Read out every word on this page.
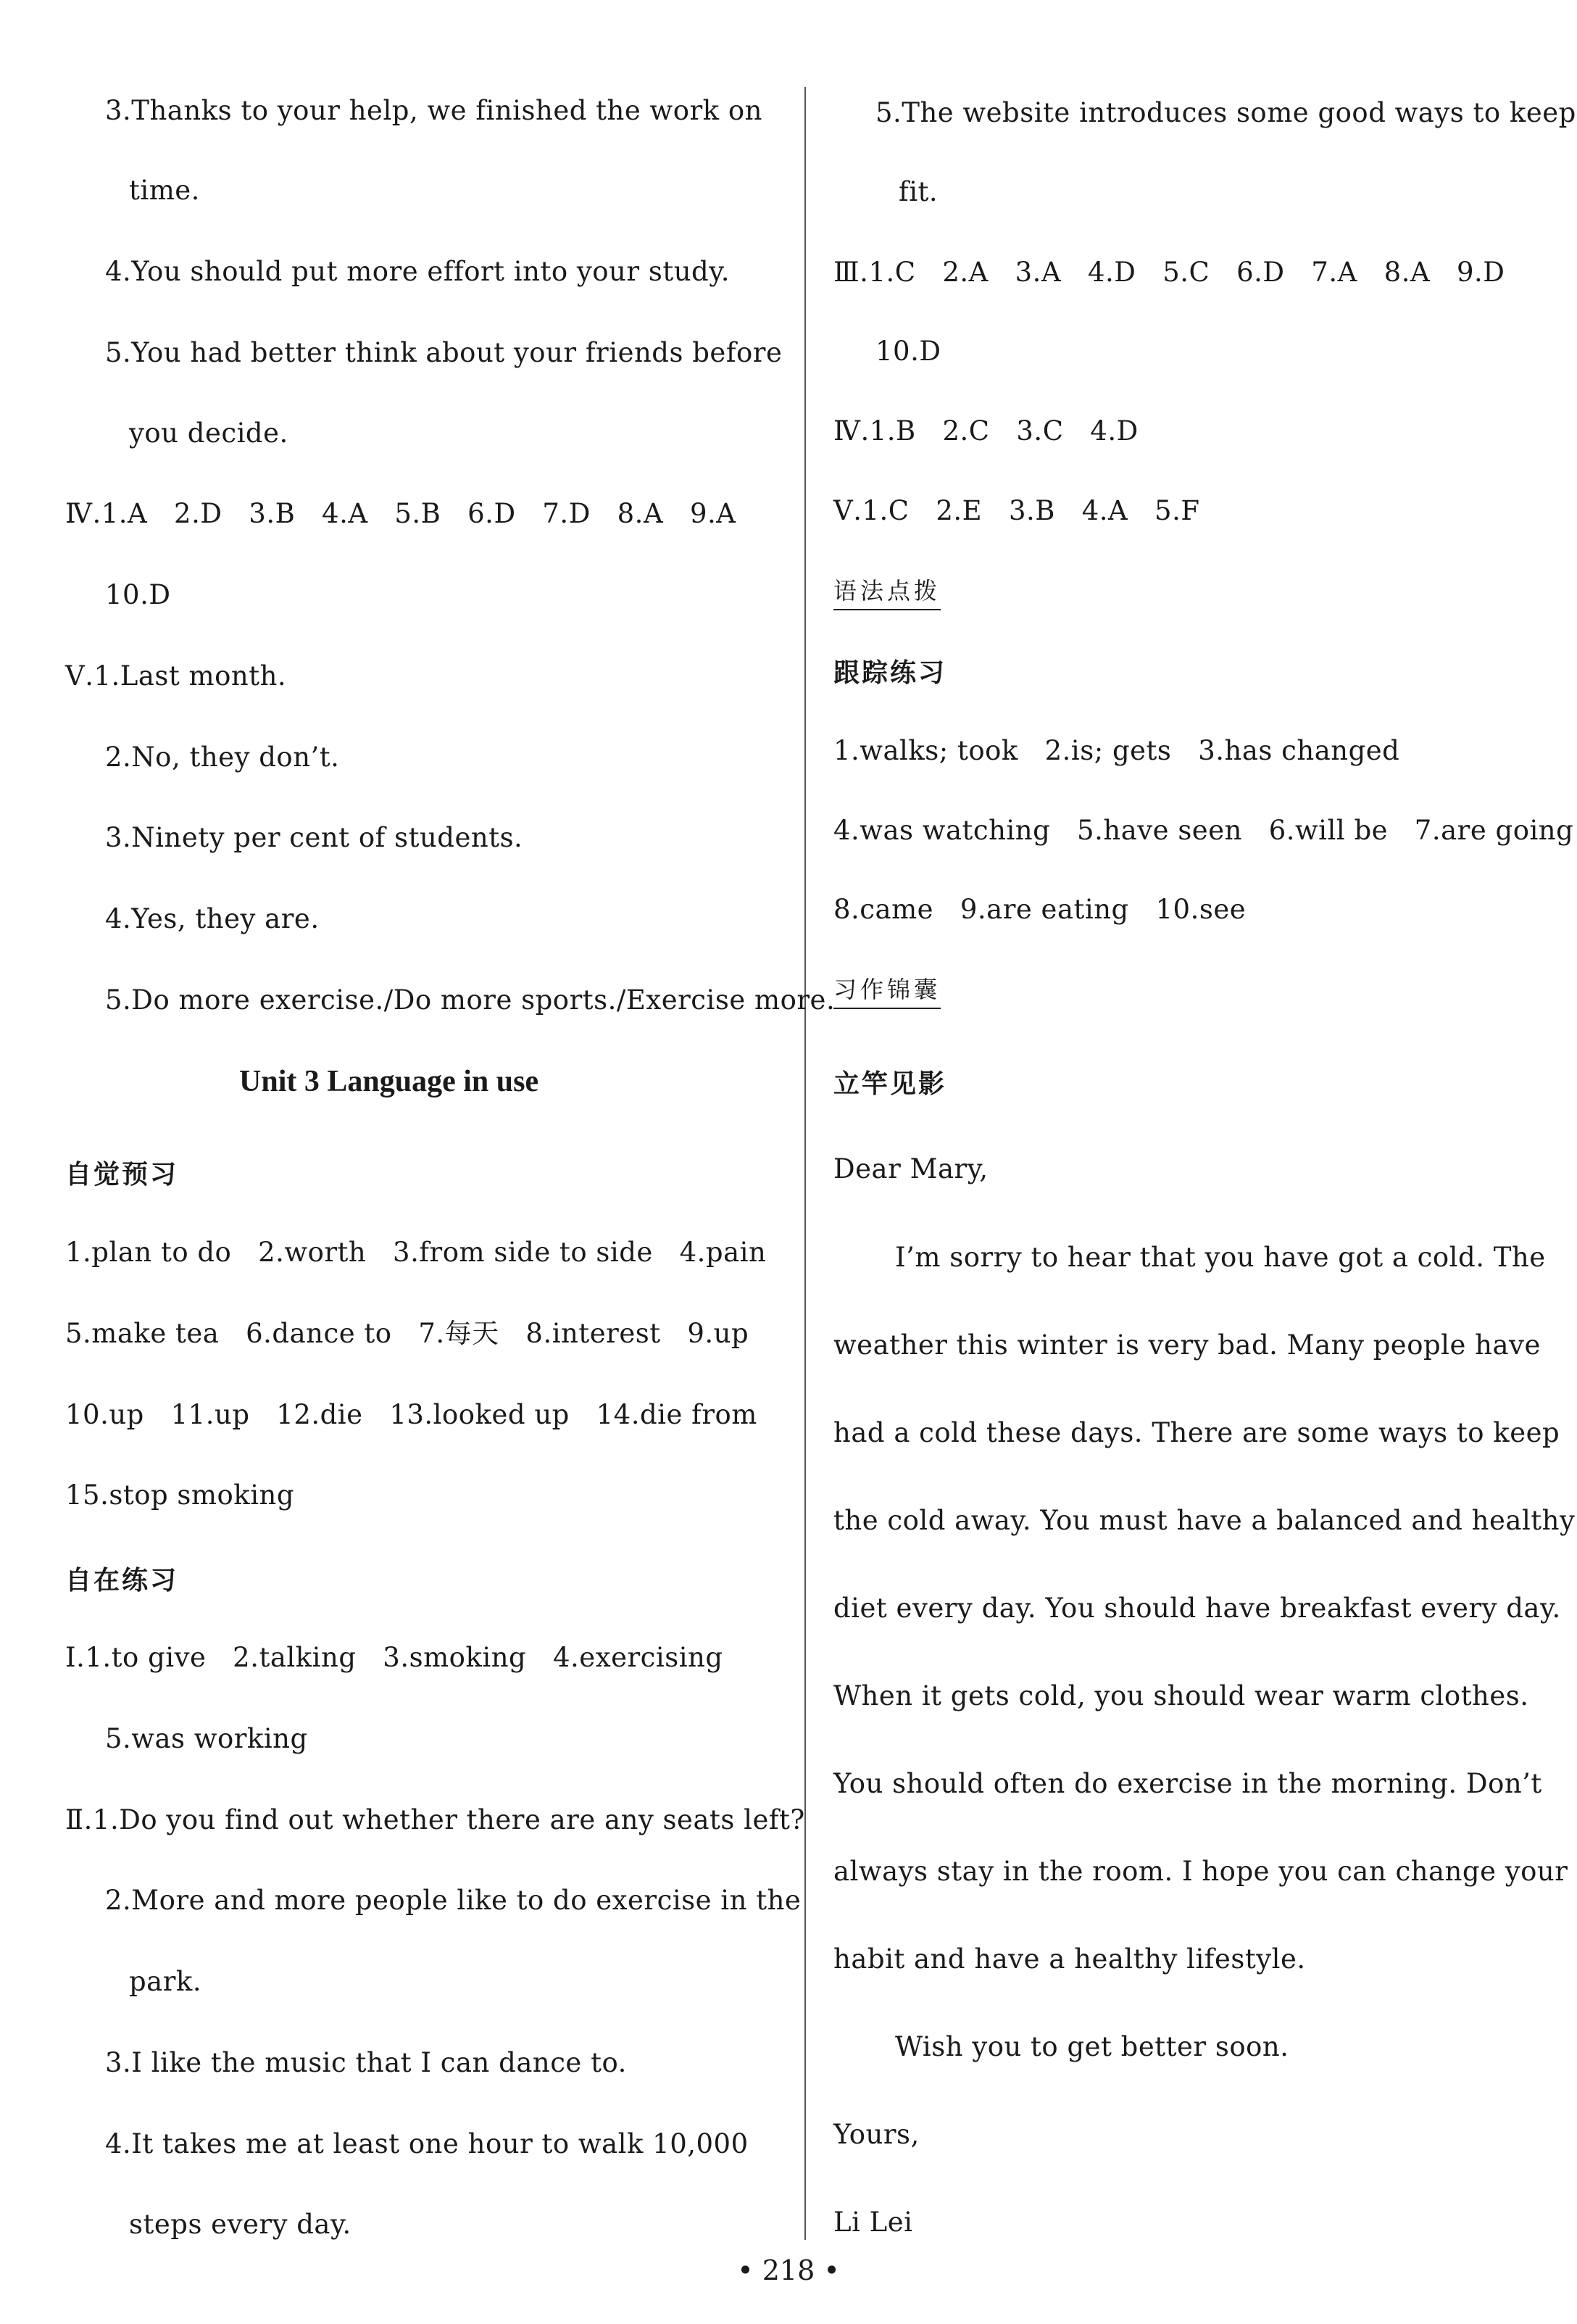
3.Thanks to your help, we finished the work on
time.
4.You should put more effort into your study.
5.You had better think about your friends before
you decide.
Ⅳ.1.A   2.D   3.B   4.A   5.B   6.D   7.D   8.A   9.A
10.D
Ⅴ.1.Last month.
2.No, they don’t.
3.Ninety per cent of students.
4.Yes, they are.
5.Do more exercise./Do more sports./Exercise more.
Unit 3 Language in use
自觉预习
1.plan to do   2.worth   3.from side to side   4.pain
5.make tea   6.dance to   7.每天   8.interest   9.up
10.up   11.up   12.die   13.looked up   14.die from
15.stop smoking
自在练习
Ⅰ.1.to give   2.talking   3.smoking   4.exercising
5.was working
Ⅱ.1.Do you find out whether there are any seats left?
2.More and more people like to do exercise in the
park.
3.I like the music that I can dance to.
4.It takes me at least one hour to walk 10,000
steps every day.
5.The website introduces some good ways to keep
fit.
Ⅲ.1.C   2.A   3.A   4.D   5.C   6.D   7.A   8.A   9.D
10.D
Ⅳ.1.B   2.C   3.C   4.D
Ⅴ.1.C   2.E   3.B   4.A   5.F
语法点拨
跟踪练习
1.walks; took   2.is; gets   3.has changed
4.was watching   5.have seen   6.will be   7.are going
8.came   9.are eating   10.see
习作锦囊
立竿见影
Dear Mary,
I’m sorry to hear that you have got a cold. The
weather this winter is very bad. Many people have
had a cold these days. There are some ways to keep
the cold away. You must have a balanced and healthy
diet every day. You should have breakfast every day.
When it gets cold, you should wear warm clothes.
You should often do exercise in the morning. Don’t
always stay in the room. I hope you can change your
habit and have a healthy lifestyle.
Wish you to get better soon.
Yours,
Li Lei
• 218 •
